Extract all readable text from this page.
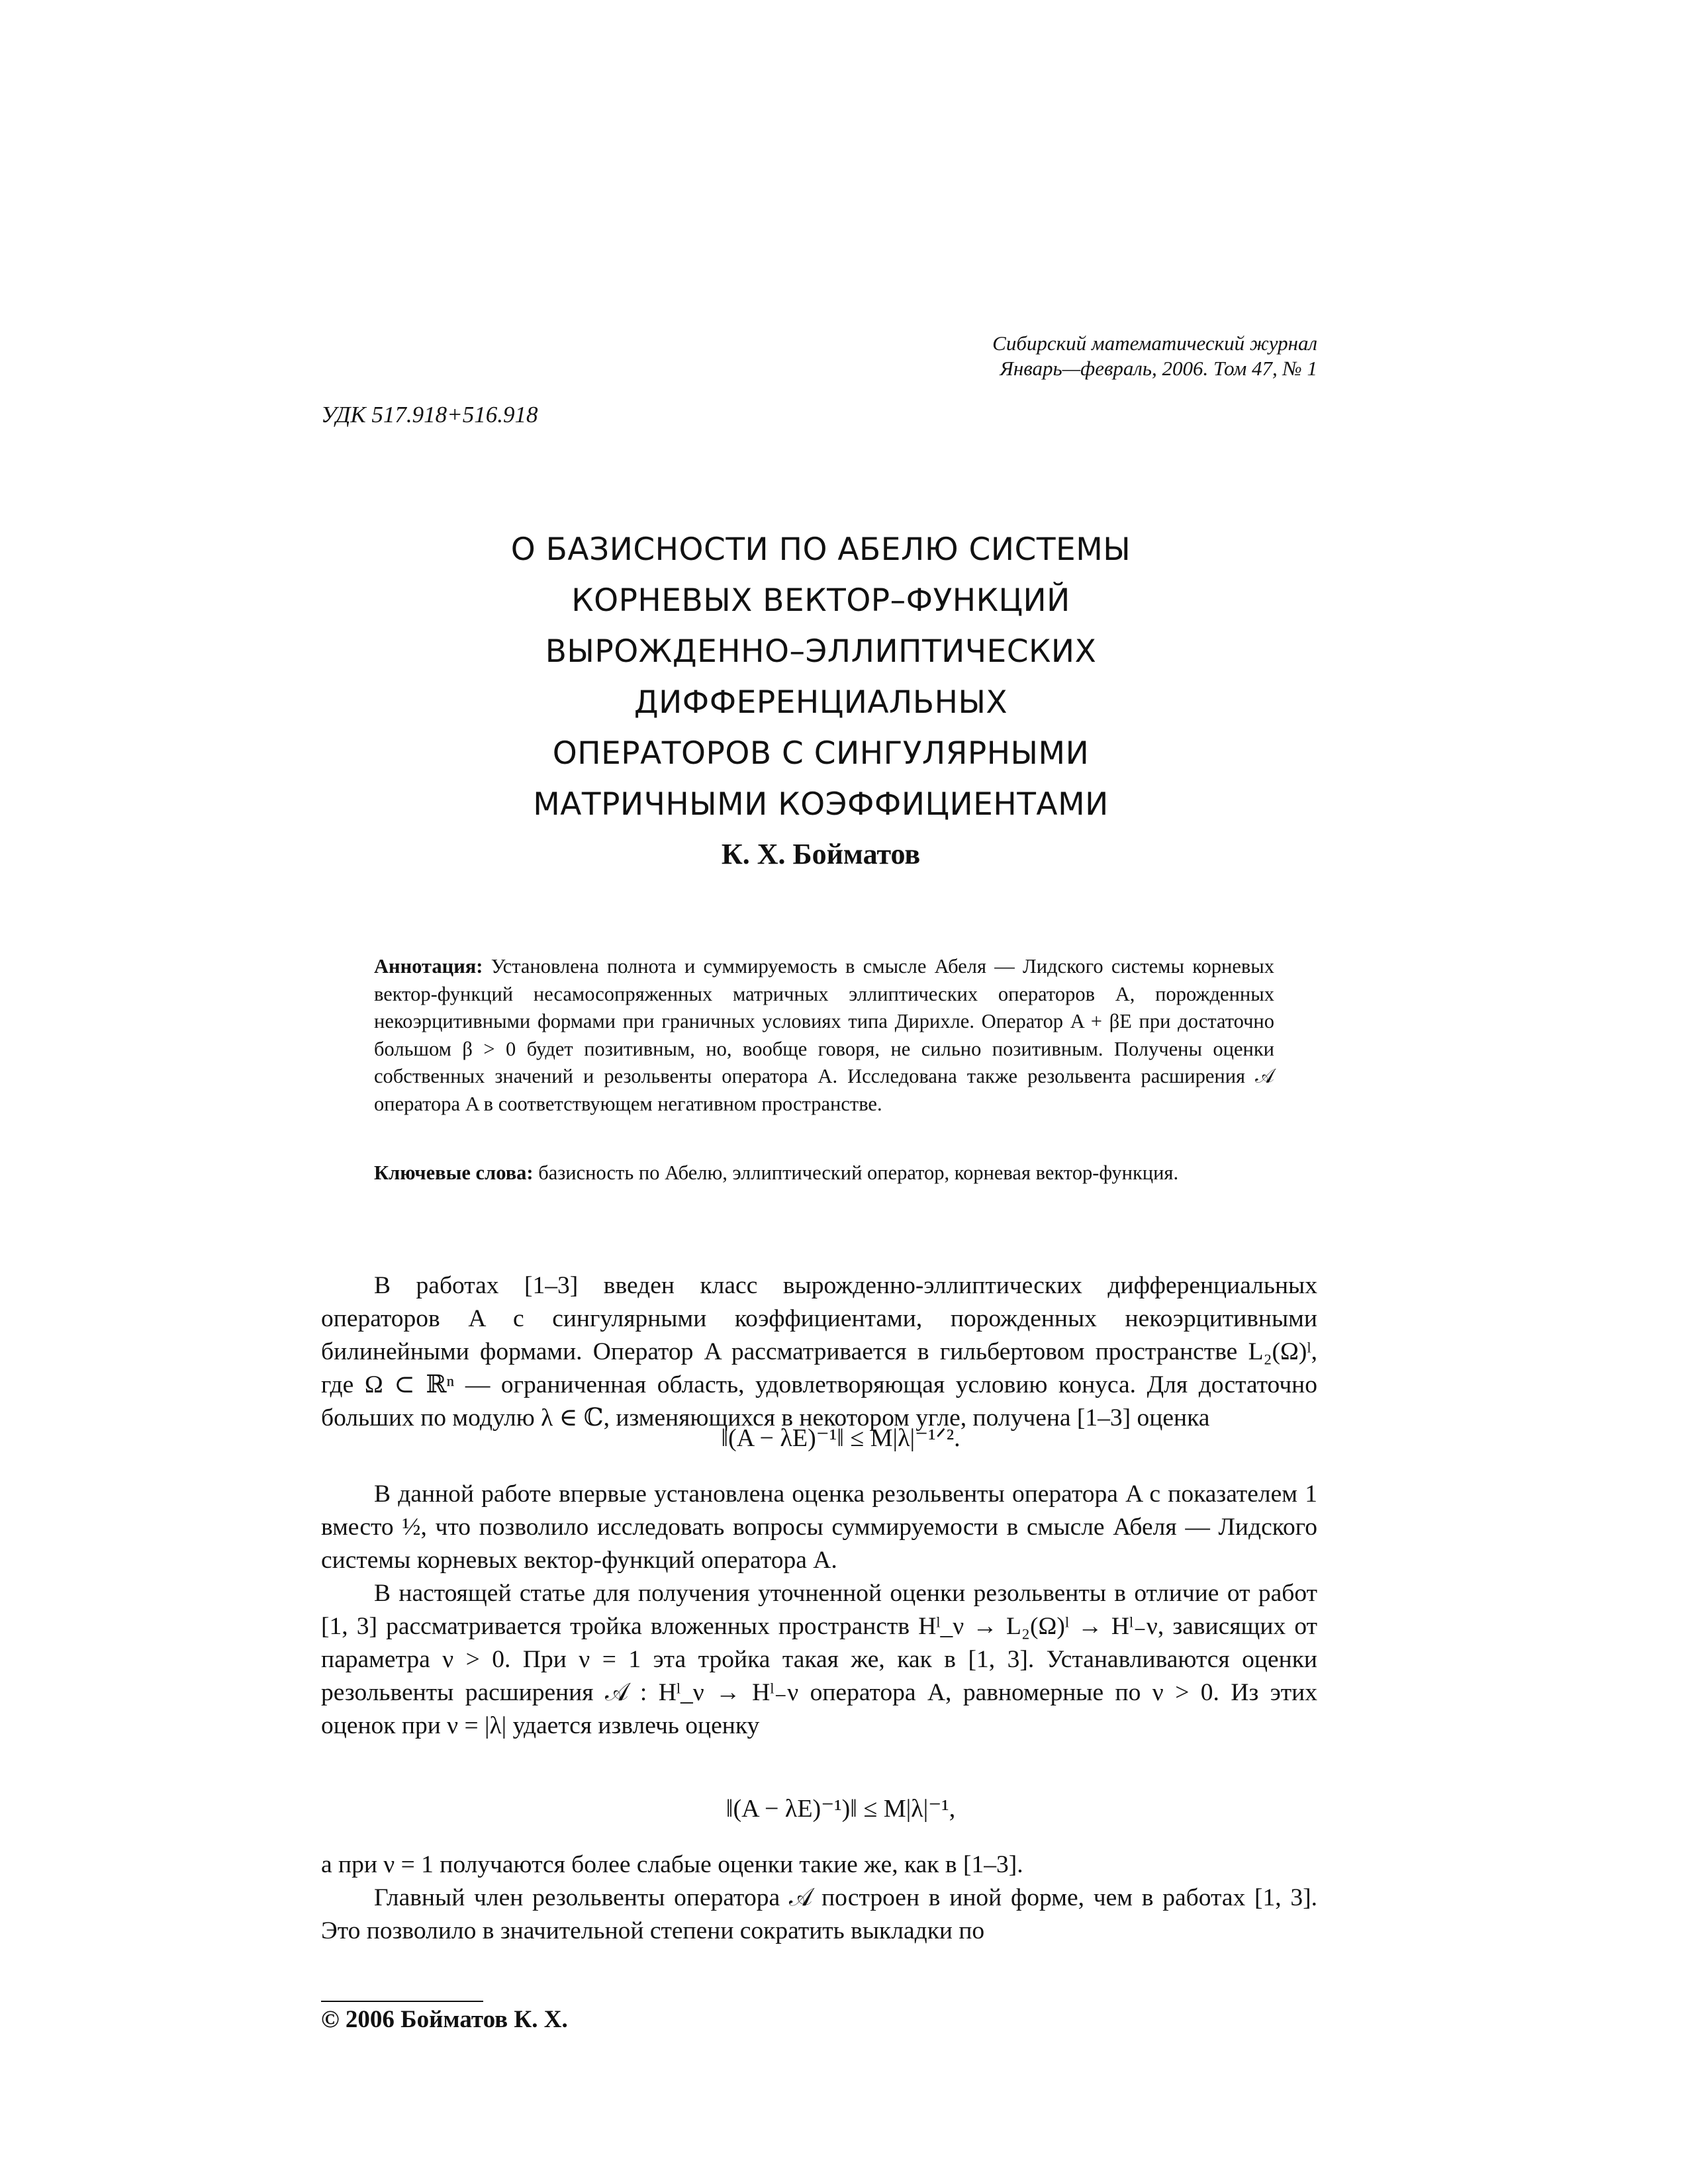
Сибирский математический журнал
Январь—февраль, 2006. Том 47, № 1
УДК 517.918+516.918
О БАЗИСНОСТИ ПО АБЕЛЮ СИСТЕМЫ
КОРНЕВЫХ ВЕКТОР–ФУНКЦИЙ
ВЫРОЖДЕННО–ЭЛЛИПТИЧЕСКИХ
ДИФФЕРЕНЦИАЛЬНЫХ
ОПЕРАТОРОВ С СИНГУЛЯРНЫМИ
МАТРИЧНЫМИ КОЭФФИЦИЕНТАМИ
К. Х. Бойматов
Аннотация: Установлена полнота и суммируемость в смысле Абеля — Лидского системы корневых вектор-функций несамосопряженных матричных эллиптических операторов A, порожденных некоэрцитивными формами при граничных условиях типа Дирихле. Оператор A + βE при достаточно большом β > 0 будет позитивным, но, вообще говоря, не сильно позитивным. Получены оценки собственных значений и резольвенты оператора A. Исследована также резольвента расширения 𝒜 оператора A в соответствующем негативном пространстве.
Ключевые слова: базисность по Абелю, эллиптический оператор, корневая вектор-функция.
В работах [1–3] введен класс вырожденно-эллиптических дифференциальных операторов A с сингулярными коэффициентами, порожденных некоэрцитивными билинейными формами. Оператор A рассматривается в гильбертовом пространстве L₂(Ω)ˡ, где Ω ⊂ ℝⁿ — ограниченная область, удовлетворяющая условию конуса. Для достаточно больших по модулю λ ∈ ℂ, изменяющихся в некотором угле, получена [1–3] оценка
‖(A − λE)⁻¹‖ ≤ M|λ|⁻¹ᐟ².
В данной работе впервые установлена оценка резольвенты оператора A с показателем 1 вместо ½, что позволило исследовать вопросы суммируемости в смысле Абеля — Лидского системы корневых вектор-функций оператора A.
В настоящей статье для получения уточненной оценки резольвенты в отличие от работ [1, 3] рассматривается тройка вложенных пространств Hˡ_ν → L₂(Ω)ˡ → Hˡ₋ν, зависящих от параметра ν > 0. При ν = 1 эта тройка такая же, как в [1, 3]. Устанавливаются оценки резольвенты расширения 𝒜 : Hˡ_ν → Hˡ₋ν оператора A, равномерные по ν > 0. Из этих оценок при ν = |λ| удается извлечь оценку
‖(A − λE)⁻¹)‖ ≤ M|λ|⁻¹,
а при ν = 1 получаются более слабые оценки такие же, как в [1–3].
Главный член резольвенты оператора 𝒜 построен в иной форме, чем в работах [1, 3]. Это позволило в значительной степени сократить выкладки по
© 2006 Бойматов К. Х.
